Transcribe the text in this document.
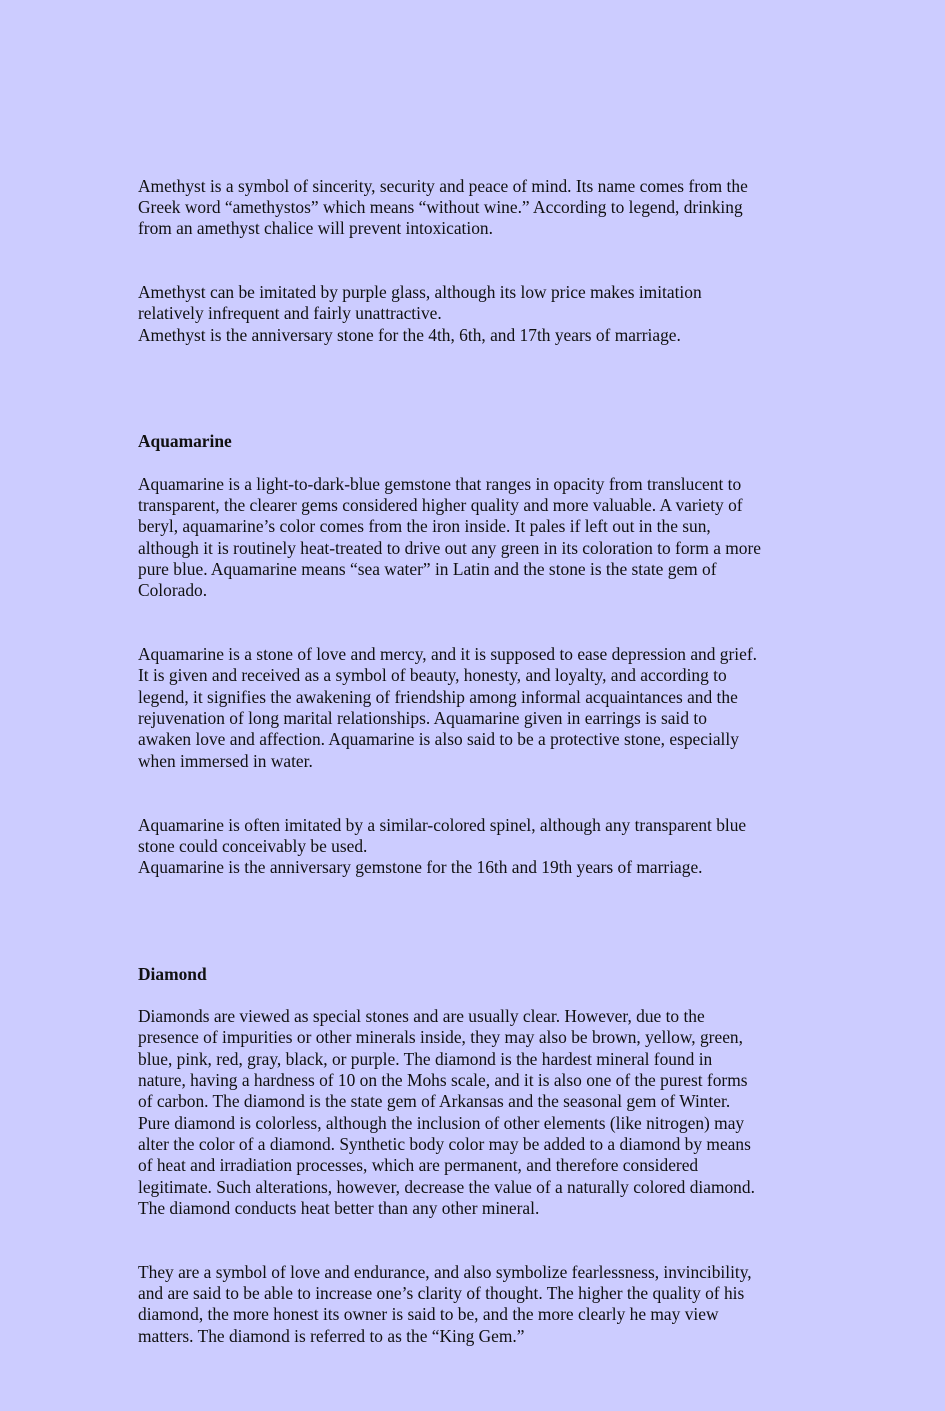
Amethyst is a symbol of sincerity, security and peace of mind. Its name comes from the
Greek word “amethystos” which means “without wine.” According to legend, drinking
from an amethyst chalice will prevent intoxication.

Amethyst can be imitated by purple glass, although its low price makes imitation
relatively infrequent and fairly unattractive.
Amethyst is the anniversary stone for the 4th, 6th, and 17th years of marriage.

Aquamarine

Aquamarine is a light-to-dark-blue gemstone that ranges in opacity from translucent to
transparent, the clearer gems considered higher quality and more valuable. A variety of
beryl, aquamarine’s color comes from the iron inside. It pales if left out in the sun,
although it is routinely heat-treated to drive out any green in its coloration to form a more
pure blue. Aquamarine means “sea water” in Latin and the stone is the state gem of
Colorado.

Aquamarine is a stone of love and mercy, and it is supposed to ease depression and grief.
It is given and received as a symbol of beauty, honesty, and loyalty, and according to
legend, it signifies the awakening of friendship among informal acquaintances and the
rejuvenation of long marital relationships. Aquamarine given in earrings is said to
awaken love and affection. Aquamarine is also said to be a protective stone, especially
when immersed in water.

Aquamarine is often imitated by a similar-colored spinel, although any transparent blue
stone could conceivably be used.
Aquamarine is the anniversary gemstone for the 16th and 19th years of marriage.

Diamond

Diamonds are viewed as special stones and are usually clear. However, due to the
presence of impurities or other minerals inside, they may also be brown, yellow, green,
blue, pink, red, gray, black, or purple. The diamond is the hardest mineral found in
nature, having a hardness of 10 on the Mohs scale, and it is also one of the purest forms
of carbon. The diamond is the state gem of Arkansas and the seasonal gem of Winter.
Pure diamond is colorless, although the inclusion of other elements (like nitrogen) may
alter the color of a diamond. Synthetic body color may be added to a diamond by means
of heat and irradiation processes, which are permanent, and therefore considered
legitimate. Such alterations, however, decrease the value of a naturally colored diamond.
The diamond conducts heat better than any other mineral.

They are a symbol of love and endurance, and also symbolize fearlessness, invincibility,
and are said to be able to increase one’s clarity of thought. The higher the quality of his
diamond, the more honest its owner is said to be, and the more clearly he may view
matters. The diamond is referred to as the “King Gem.”
